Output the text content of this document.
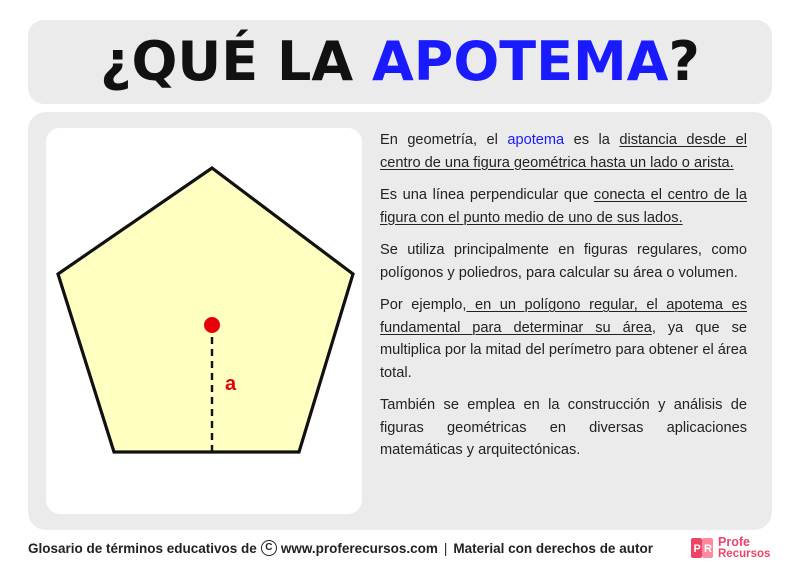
¿QUÉ LA APOTEMA?
a

En geometría, el apotema es la distancia desde el centro de una figura geométrica hasta un lado o arista.

Es una línea perpendicular que conecta el centro de la figura con el punto medio de uno de sus lados.

Se utiliza principalmente en figuras regulares, como polígonos y poliedros, para calcular su área o volumen.

Por ejemplo, en un polígono regular, el apotema es fundamental para determinar su área, ya que se multiplica por la mitad del perímetro para obtener el área total.

También se emplea en la construcción y análisis de figuras geométricas en diversas aplicaciones matemáticas y arquitectónicas.

Glosario de términos educativos de C www.proferecursos.com | Material con derechos de autor	P R Profe
Recursos
